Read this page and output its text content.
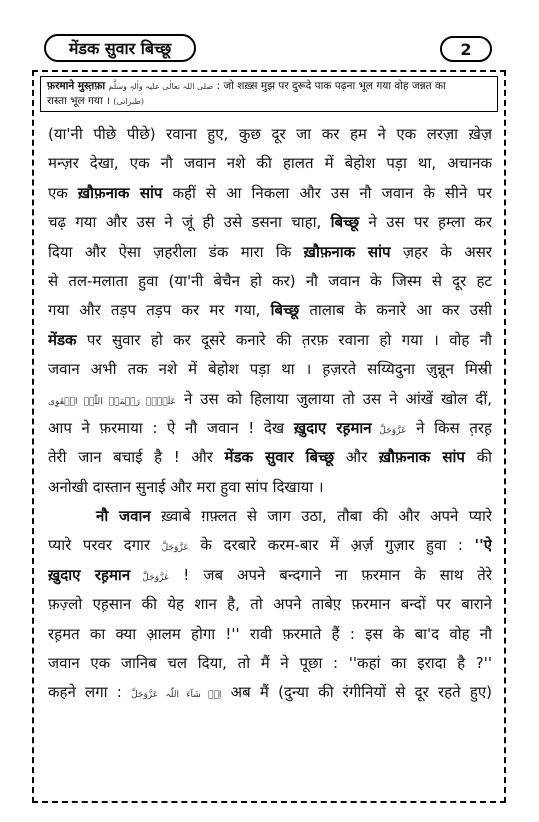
मेंडक सुवार बिच्छू	2
फ़रमाने मुस्त़फ़ा صلی اللہ تعالٰی علیہ واٰلہٖ وسلَّم : जो शख़्स मुझ पर दुरूदे पाक पढ़ना भूल गया वोह जन्नत का
रास्ता भूल गया । (طبرانی)
(या'नी पीछे पीछे) रवाना हुए, कुछ दूर जा कर हम ने एक लरज़ा ख़ेज़
मन्ज़र देखा, एक नौ जवान नशे की हालत में बेहोश पड़ा था, अचानक
एक ख़ौफ़नाक सांप कहीं से आ निकला और उस नौ जवान के सीने पर
चढ़ गया और उस ने जूं ही उसे डसना चाहा, बिच्छू ने उस पर ह़म्ला कर
दिया और ऐसा ज़हरीला डंक मारा कि ख़ौफ़नाक सांप ज़हर के असर
से तल-मलाता हुवा (या'नी बेचैन हो कर) नौ जवान के जिस्म से दूर हट
गया और तड़प तड़प कर मर गया, बिच्छू तालाब के कनारे आ कर उसी
मेंडक पर सुवार हो कर दूसरे कनारे की त़रफ़ रवाना हो गया । वोह नौ
जवान अभी तक नशे में बेहोश पड़ा था । ह़ज़रते सय्यिदुना ज़ुन्नून मिस्री
عَلَیۡہِ رَحۡمَۃُ اللّٰہِ الۡقَوِی ने उस को हिलाया जुलाया तो उस ने आंखें खोल दीं,
आप ने फ़रमाया : ऐ नौ जवान ! देख ख़ुदाए रह़मान عَزَّوَجَلَّ ने किस त़रह़
तेरी जान बचाई है ! और मेंडक सुवार बिच्छू और ख़ौफ़नाक सांप की
अनोखी दास्तान सुनाई और मरा हुवा सांप दिखाया ।
नौ जवान ख़्वाबे ग़फ़्लत से जाग उठा, तौबा की और अपने प्यारे
प्यारे परवर दगार عَزَّوَجَلَّ के दरबारे करम-बार में अ़र्ज़ गुज़ार हुवा : ''ऐ
ख़ुदाए रह़मान عَزَّوَجَلَّ ! जब अपने बन्दगाने ना फ़रमान के साथ तेरे
फ़ज़्लो एह़सान की येह शान है, तो अपने ताबेए़ फ़रमान बन्दों पर बाराने
रह़मत का क्या आ़लम होगा !'' रावी फ़रमाते हैं : इस के बा'द वोह नौ
जवान एक जानिब चल दिया, तो मैं ने पूछा : ''कहां का इरादा है ?''
कहने लगा : اِنۡ شَآءَ اللّٰہ عَزَّوَجَلَّ अब मैं (दुन्या की रंगीनियों से दूर रहते हुए)
